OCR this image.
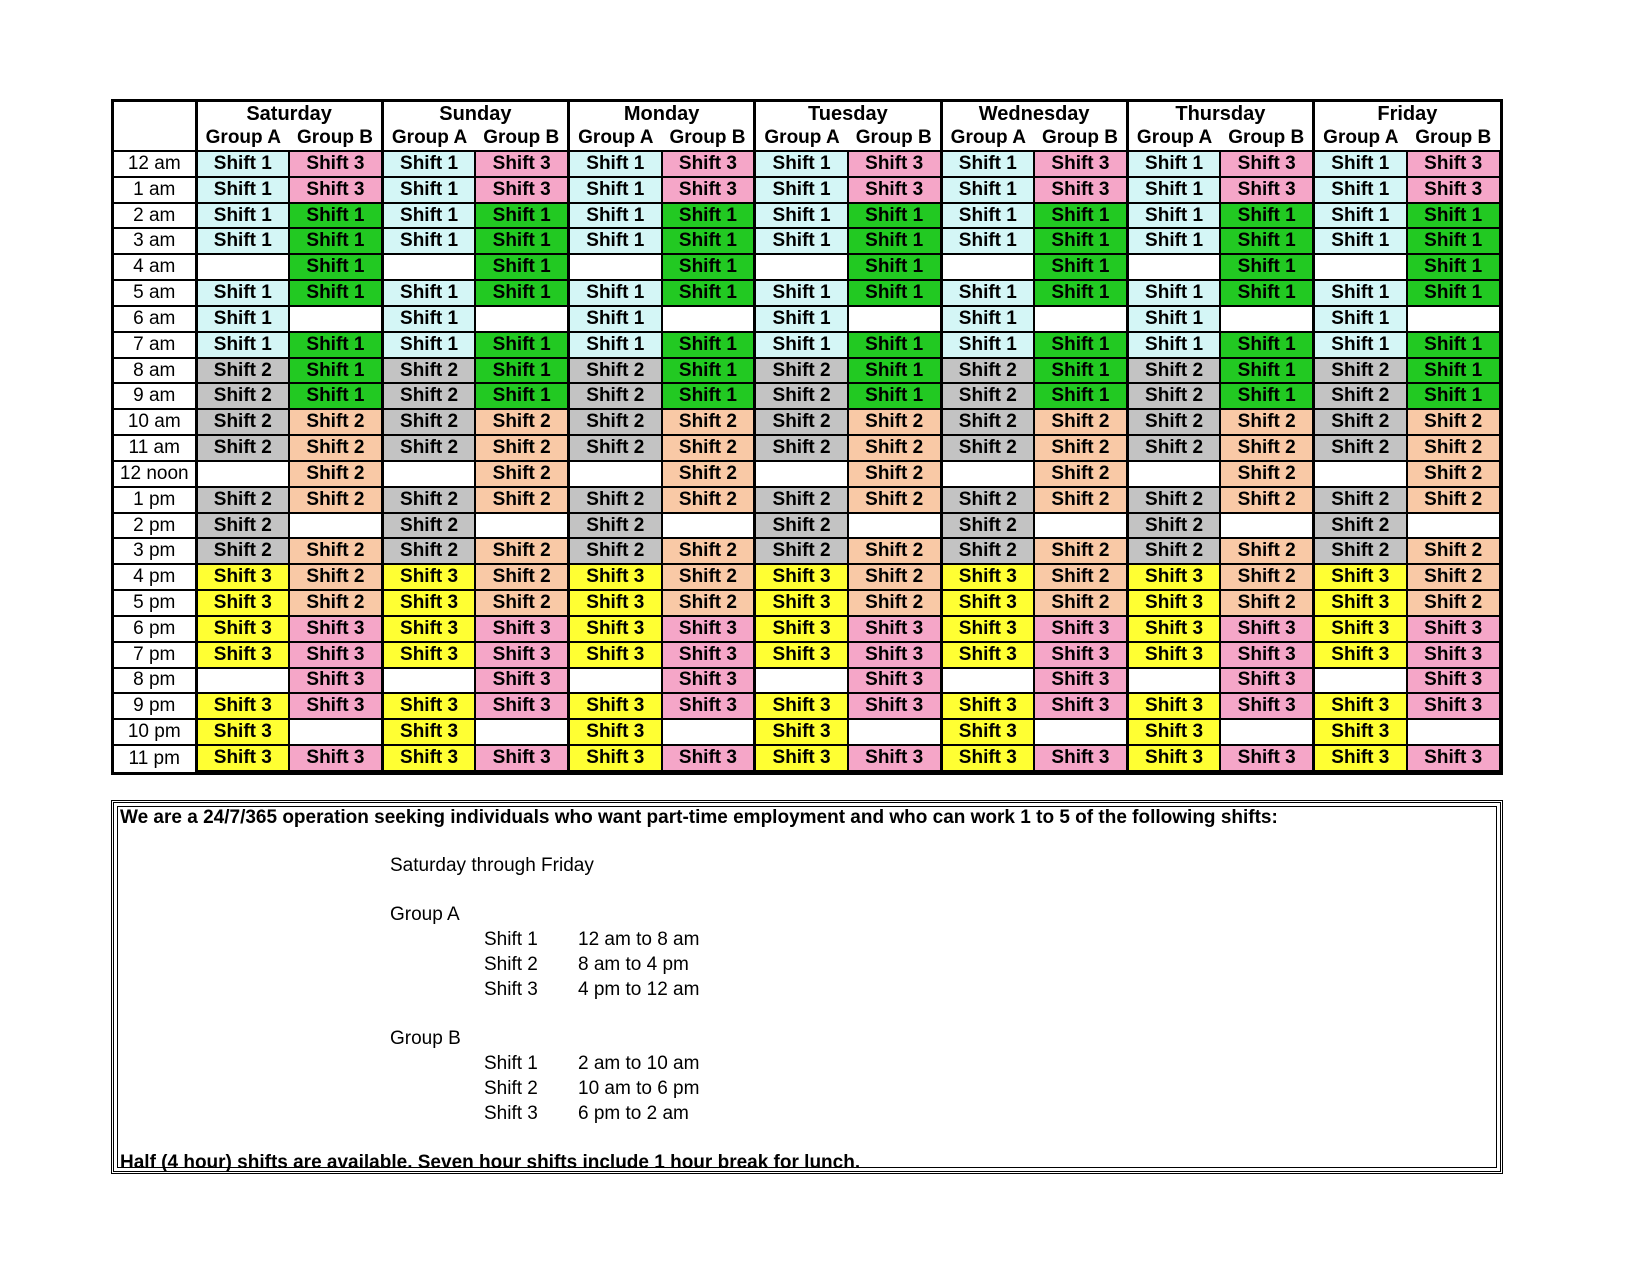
	Saturday		Sunday		Monday		Tuesday		Wednesday		Thursday		Friday	
	Group A	Group B	Group A	Group B	Group A	Group B	Group A	Group B	Group A	Group B	Group A	Group B	Group A	Group B
12 am	Shift 1	Shift 3	Shift 1	Shift 3	Shift 1	Shift 3	Shift 1	Shift 3	Shift 1	Shift 3	Shift 1	Shift 3	Shift 1	Shift 3
1 am	Shift 1	Shift 3	Shift 1	Shift 3	Shift 1	Shift 3	Shift 1	Shift 3	Shift 1	Shift 3	Shift 1	Shift 3	Shift 1	Shift 3
2 am	Shift 1	Shift 1	Shift 1	Shift 1	Shift 1	Shift 1	Shift 1	Shift 1	Shift 1	Shift 1	Shift 1	Shift 1	Shift 1	Shift 1
3 am	Shift 1	Shift 1	Shift 1	Shift 1	Shift 1	Shift 1	Shift 1	Shift 1	Shift 1	Shift 1	Shift 1	Shift 1	Shift 1	Shift 1
4 am		Shift 1		Shift 1		Shift 1		Shift 1		Shift 1		Shift 1		Shift 1
5 am	Shift 1	Shift 1	Shift 1	Shift 1	Shift 1	Shift 1	Shift 1	Shift 1	Shift 1	Shift 1	Shift 1	Shift 1	Shift 1	Shift 1
6 am	Shift 1		Shift 1		Shift 1		Shift 1		Shift 1		Shift 1		Shift 1	
7 am	Shift 1	Shift 1	Shift 1	Shift 1	Shift 1	Shift 1	Shift 1	Shift 1	Shift 1	Shift 1	Shift 1	Shift 1	Shift 1	Shift 1
8 am	Shift 2	Shift 1	Shift 2	Shift 1	Shift 2	Shift 1	Shift 2	Shift 1	Shift 2	Shift 1	Shift 2	Shift 1	Shift 2	Shift 1
9 am	Shift 2	Shift 1	Shift 2	Shift 1	Shift 2	Shift 1	Shift 2	Shift 1	Shift 2	Shift 1	Shift 2	Shift 1	Shift 2	Shift 1
10 am	Shift 2	Shift 2	Shift 2	Shift 2	Shift 2	Shift 2	Shift 2	Shift 2	Shift 2	Shift 2	Shift 2	Shift 2	Shift 2	Shift 2
11 am	Shift 2	Shift 2	Shift 2	Shift 2	Shift 2	Shift 2	Shift 2	Shift 2	Shift 2	Shift 2	Shift 2	Shift 2	Shift 2	Shift 2
12 noon		Shift 2		Shift 2		Shift 2		Shift 2		Shift 2		Shift 2		Shift 2
1 pm	Shift 2	Shift 2	Shift 2	Shift 2	Shift 2	Shift 2	Shift 2	Shift 2	Shift 2	Shift 2	Shift 2	Shift 2	Shift 2	Shift 2
2 pm	Shift 2		Shift 2		Shift 2		Shift 2		Shift 2		Shift 2		Shift 2	
3 pm	Shift 2	Shift 2	Shift 2	Shift 2	Shift 2	Shift 2	Shift 2	Shift 2	Shift 2	Shift 2	Shift 2	Shift 2	Shift 2	Shift 2
4 pm	Shift 3	Shift 2	Shift 3	Shift 2	Shift 3	Shift 2	Shift 3	Shift 2	Shift 3	Shift 2	Shift 3	Shift 2	Shift 3	Shift 2
5 pm	Shift 3	Shift 2	Shift 3	Shift 2	Shift 3	Shift 2	Shift 3	Shift 2	Shift 3	Shift 2	Shift 3	Shift 2	Shift 3	Shift 2
6 pm	Shift 3	Shift 3	Shift 3	Shift 3	Shift 3	Shift 3	Shift 3	Shift 3	Shift 3	Shift 3	Shift 3	Shift 3	Shift 3	Shift 3
7 pm	Shift 3	Shift 3	Shift 3	Shift 3	Shift 3	Shift 3	Shift 3	Shift 3	Shift 3	Shift 3	Shift 3	Shift 3	Shift 3	Shift 3
8 pm		Shift 3		Shift 3		Shift 3		Shift 3		Shift 3		Shift 3		Shift 3
9 pm	Shift 3	Shift 3	Shift 3	Shift 3	Shift 3	Shift 3	Shift 3	Shift 3	Shift 3	Shift 3	Shift 3	Shift 3	Shift 3	Shift 3
10 pm	Shift 3		Shift 3		Shift 3		Shift 3		Shift 3		Shift 3		Shift 3	
11 pm	Shift 3	Shift 3	Shift 3	Shift 3	Shift 3	Shift 3	Shift 3	Shift 3	Shift 3	Shift 3	Shift 3	Shift 3	Shift 3	Shift 3
We are a 24/7/365 operation seeking individuals who want part-time employment and who can work 1 to 5 of the following shifts:
Saturday through Friday
Group A
Shift 1 12 am to 8 am
Shift 2 8 am to 4 pm
Shift 3 4 pm to 12 am
Group B
Shift 1 2 am to 10 am
Shift 2 10 am to 6 pm
Shift 3 6 pm to 2 am
Half (4 hour) shifts are available. Seven hour shifts include 1 hour break for lunch.
